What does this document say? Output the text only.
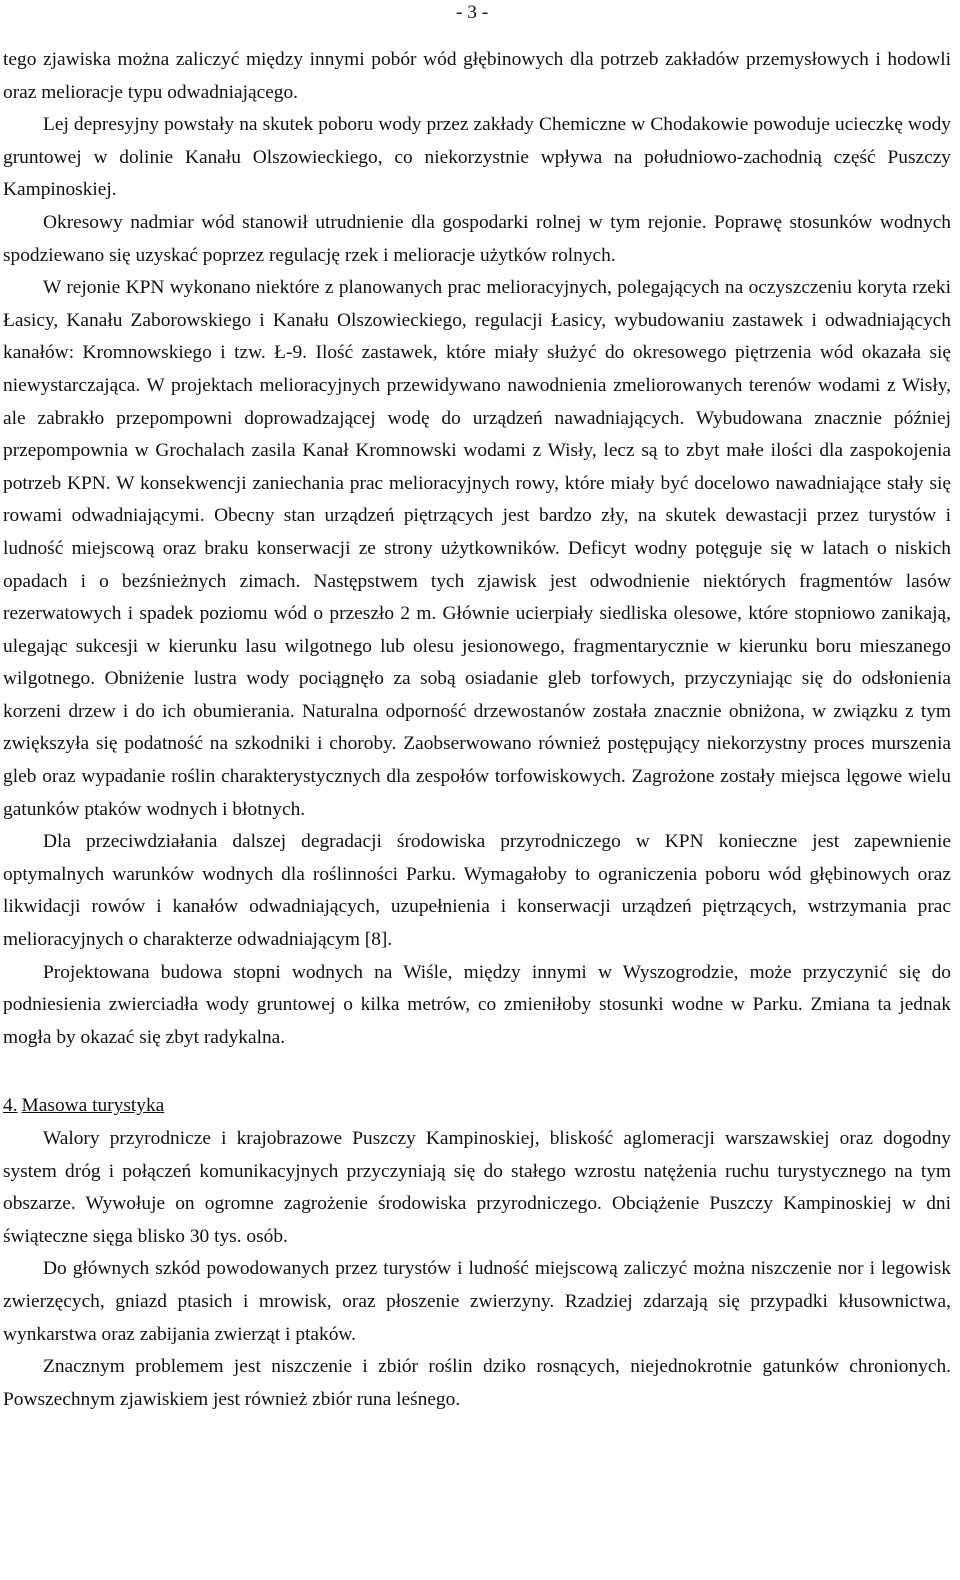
- 3 -

tego zjawiska można zaliczyć między innymi pobór wód głębinowych dla potrzeb zakładów przemysłowych i hodowli oraz melioracje typu odwadniającego.

Lej depresyjny powstały na skutek poboru wody przez zakłady Chemiczne w Chodakowie powoduje ucieczkę wody gruntowej w dolinie Kanału Olszowieckiego, co niekorzystnie wpływa na południowo-zachodnią część Puszczy Kampinoskiej.

Okresowy nadmiar wód stanowił utrudnienie dla gospodarki rolnej w tym rejonie. Poprawę stosunków wodnych spodziewano się uzyskać poprzez regulację rzek i melioracje użytków rolnych.

W rejonie KPN wykonano niektóre z planowanych prac melioracyjnych, polegających na oczyszczeniu koryta rzeki Łasicy, Kanału Zaborowskiego i Kanału Olszowieckiego, regulacji Łasicy, wybudowaniu zastawek i odwadniających kanałów: Kromnowskiego i tzw. Ł-9. Ilość zastawek, które miały służyć do okresowego piętrzenia wód okazała się niewystarczająca. W projektach melioracyjnych przewidywano nawodnienia zmeliorowanych terenów wodami z Wisły, ale zabrakło przepompowni doprowadzającej wodę do urządzeń nawadniających. Wybudowana znacznie później przepompownia w Grochalach zasila Kanał Kromnowski wodami z Wisły, lecz są to zbyt małe ilości dla zaspokojenia potrzeb KPN. W konsekwencji zaniechania prac melioracyjnych rowy, które miały być docelowo nawadniające stały się rowami odwadniającymi. Obecny stan urządzeń piętrzących jest bardzo zły, na skutek dewastacji przez turystów i ludność miejscową oraz braku konserwacji ze strony użytkowników. Deficyt wodny potęguje się w latach o niskich opadach i o bezśnieżnych zimach. Następstwem tych zjawisk jest odwodnienie niektórych fragmentów lasów rezerwatowych i spadek poziomu wód o przeszło 2 m. Głównie ucierpiały siedliska olesowe, które stopniowo zanikają, ulegając sukcesji w kierunku lasu wilgotnego lub olesu jesionowego, fragmentarycznie w kierunku boru mieszanego wilgotnego. Obniżenie lustra wody pociągnęło za sobą osiadanie gleb torfowych, przyczyniając się do odsłonienia korzeni drzew i do ich obumierania. Naturalna odporność drzewostanów została znacznie obniżona, w związku z tym zwiększyła się podatność na szkodniki i choroby. Zaobserwowano również postępujący niekorzystny proces murszenia gleb oraz wypadanie roślin charakterystycznych dla zespołów torfowiskowych. Zagrożone zostały miejsca lęgowe wielu gatunków ptaków wodnych i błotnych.

Dla przeciwdziałania dalszej degradacji środowiska przyrodniczego w KPN konieczne jest zapewnienie optymalnych warunków wodnych dla roślinności Parku. Wymagałoby to ograniczenia poboru wód głębinowych oraz likwidacji rowów i kanałów odwadniających, uzupełnienia i konserwacji urządzeń piętrzących, wstrzymania prac melioracyjnych o charakterze odwadniającym [8].

Projektowana budowa stopni wodnych na Wiśle, między innymi w Wyszogrodzie, może przyczynić się do podniesienia zwierciadła wody gruntowej o kilka metrów, co zmieniłoby stosunki wodne w Parku. Zmiana ta jednak mogła by okazać się zbyt radykalna.

4. Masowa turystyka

Walory przyrodnicze i krajobrazowe Puszczy Kampinoskiej, bliskość aglomeracji warszawskiej oraz dogodny system dróg i połączeń komunikacyjnych przyczyniają się do stałego wzrostu natężenia ruchu turystycznego na tym obszarze. Wywołuje on ogromne zagrożenie środowiska przyrodniczego. Obciążenie Puszczy Kampinoskiej w dni świąteczne sięga blisko 30 tys. osób.

Do głównych szkód powodowanych przez turystów i ludność miejscową zaliczyć można niszczenie nor i legowisk zwierzęcych, gniazd ptasich i mrowisk, oraz płoszenie zwierzyny. Rzadziej zdarzają się przypadki kłusownictwa, wynkarstwa oraz zabijania zwierząt i ptaków.

Znacznym problemem jest niszczenie i zbiór roślin dziko rosnących, niejednokrotnie gatunków chronionych. Powszechnym zjawiskiem jest również zbiór runa leśnego.
